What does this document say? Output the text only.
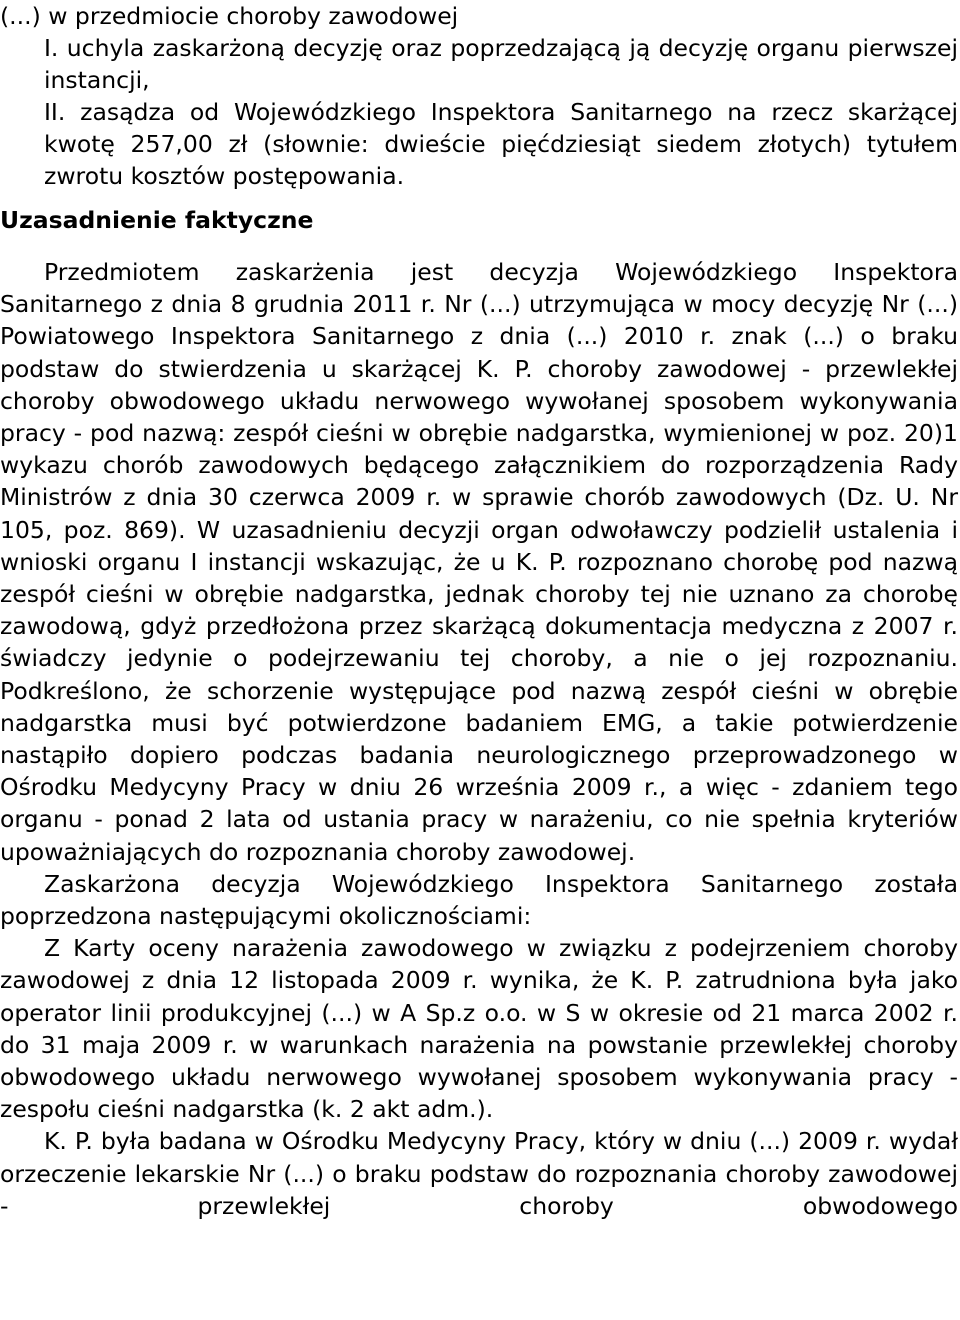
(...) w przedmiocie choroby zawodowej

I. uchyla zaskarżoną decyzję oraz poprzedzającą ją decyzję organu pierwszej instancji,

II. zasądza od Wojewódzkiego Inspektora Sanitarnego na rzecz skarżącej kwotę 257,00 zł (słownie: dwieście pięćdziesiąt siedem złotych) tytułem zwrotu kosztów postępowania.

Uzasadnienie faktyczne

Przedmiotem zaskarżenia jest decyzja Wojewódzkiego Inspektora Sanitarnego z dnia 8 grudnia 2011 r. Nr (...) utrzymująca w mocy decyzję Nr (...) Powiatowego Inspektora Sanitarnego z dnia (...) 2010 r. znak (...) o braku podstaw do stwierdzenia u skarżącej K. P. choroby zawodowej - przewlekłej choroby obwodowego układu nerwowego wywołanej sposobem wykonywania pracy - pod nazwą: zespół cieśni w obrębie nadgarstka, wymienionej w poz. 20)1 wykazu chorób zawodowych będącego załącznikiem do rozporządzenia Rady Ministrów z dnia 30 czerwca 2009 r. w sprawie chorób zawodowych (Dz. U. Nr 105, poz. 869). W uzasadnieniu decyzji organ odwoławczy podzielił ustalenia i wnioski organu I instancji wskazując, że u K. P. rozpoznano chorobę pod nazwą zespół cieśni w obrębie nadgarstka, jednak choroby tej nie uznano za chorobę zawodową, gdyż przedłożona przez skarżącą dokumentacja medyczna z 2007 r. świadczy jedynie o podejrzewaniu tej choroby, a nie o jej rozpoznaniu. Podkreślono, że schorzenie występujące pod nazwą zespół cieśni w obrębie nadgarstka musi być potwierdzone badaniem EMG, a takie potwierdzenie nastąpiło dopiero podczas badania neurologicznego przeprowadzonego w Ośrodku Medycyny Pracy w dniu 26 września 2009 r., a więc - zdaniem tego organu - ponad 2 lata od ustania pracy w narażeniu, co nie spełnia kryteriów upoważniających do rozpoznania choroby zawodowej.

Zaskarżona decyzja Wojewódzkiego Inspektora Sanitarnego została poprzedzona następującymi okolicznościami:

Z Karty oceny narażenia zawodowego w związku z podejrzeniem choroby zawodowej z dnia 12 listopada 2009 r. wynika, że K. P. zatrudniona była jako operator linii produkcyjnej (...) w A Sp.z o.o. w S w okresie od 21 marca 2002 r. do 31 maja 2009 r. w warunkach narażenia na powstanie przewlekłej choroby obwodowego układu nerwowego wywołanej sposobem wykonywania pracy - zespołu cieśni nadgarstka (k. 2 akt adm.).

K. P. była badana w Ośrodku Medycyny Pracy, który w dniu (...) 2009 r. wydał orzeczenie lekarskie Nr (...) o braku podstaw do rozpoznania choroby zawodowej - przewlekłej choroby obwodowego
